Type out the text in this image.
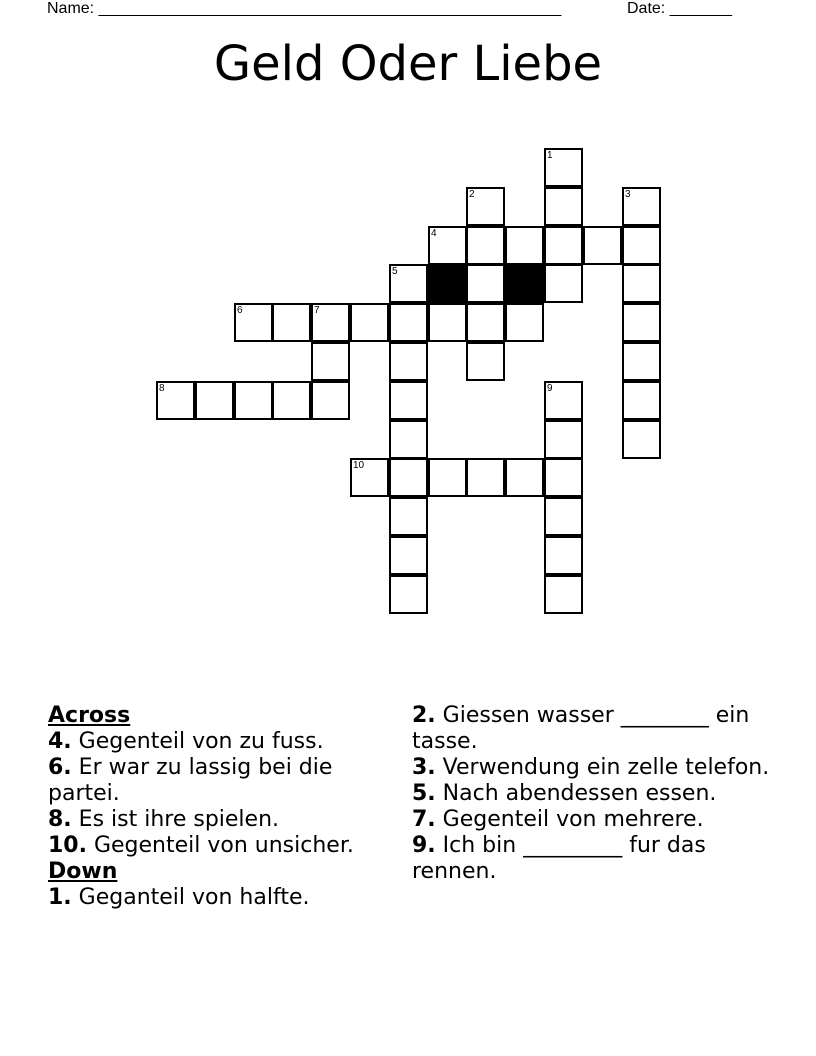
Name: ____________________________________________________	Date: _______
Geld Oder Liebe
1
2	3
4
5
6	7
8	9
10
Across
4. Gegenteil von zu fuss.
6. Er war zu lassig bei die partei.
8. Es ist ihre spielen.
10. Gegenteil von unsicher.
Down
1. Geganteil von halfte.
2. Giessen wasser ________ ein tasse.
3. Verwendung ein zelle telefon.
5. Nach abendessen essen.
7. Gegenteil von mehrere.
9. Ich bin _________ fur das rennen.
